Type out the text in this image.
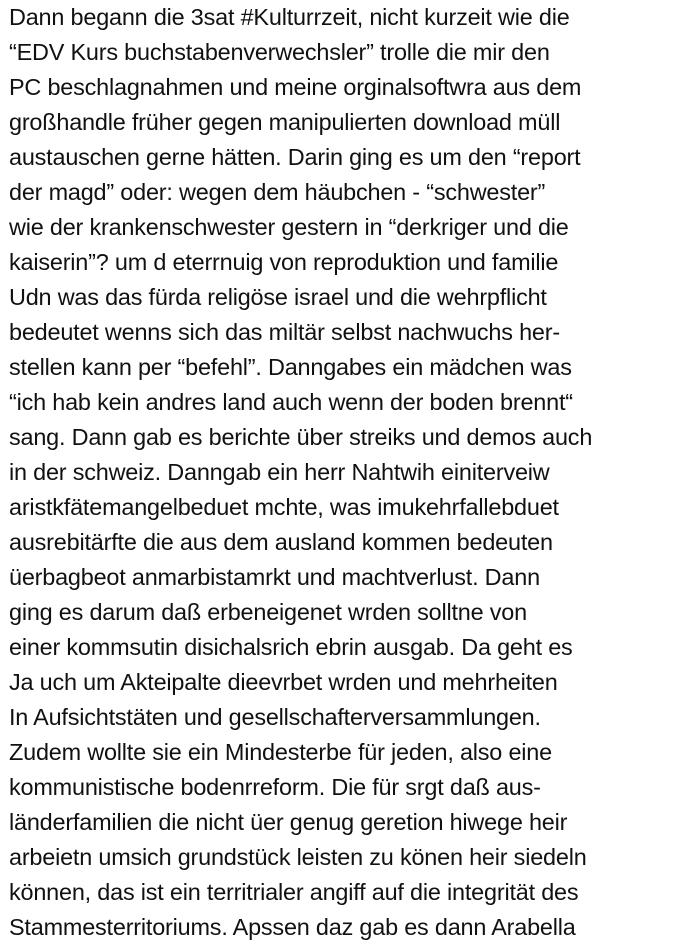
Dann begann die 3sat #Kulturrzeit, nicht kurzeit wie die
“EDV Kurs buchstabenverwechsler” trolle die mir den
PC beschlagnahmen und meine orginalsoftwra aus dem
großhandle früher gegen manipulierten download müll
austauschen gerne hätten. Darin ging es um den “report
der magd” oder: wegen dem häubchen - “schwester”
wie der krankenschwester gestern in “derkriger und die
kaiserin”? um d eterrnuig von reproduktion und familie
Udn was das fürda religöse israel und die wehrpflicht
bedeutet wenns sich das miltär selbst nachwuchs her-
stellen kann per “befehl”. Danngabes ein mädchen was
“ich hab kein andres land auch wenn der boden brennt“
sang. Dann gab es berichte über streiks und demos auch
in der schweiz. Danngab ein herr Nahtwih einiterveiw
aristkfätemangelbeduet mchte, was imukehrfallebduet
ausrebitärfte die aus dem ausland kommen bedeuten
üerbagbeot anmarbistamrkt und machtverlust. Dann
ging es darum daß erbeneigenet wrden solltne von
einer kommsutin disichalsrich ebrin ausgab. Da geht es
Ja uch um Akteipalte dieevrbet wrden und mehrheiten
In Aufsichtstäten und gesellschafterversammlungen.
Zudem wollte sie ein Mindesterbe für jeden, also eine
kommunistische bodenrreform. Die für srgt daß aus-
länderfamilien die nicht üer genug geretion hiwege heir
arbeietn umsich grundstück leisten zu könen heir siedeln
können, das ist ein territrialer angiff auf die integrität des
Stammesterritoriums. Apssen daz gab es dann Arabella
